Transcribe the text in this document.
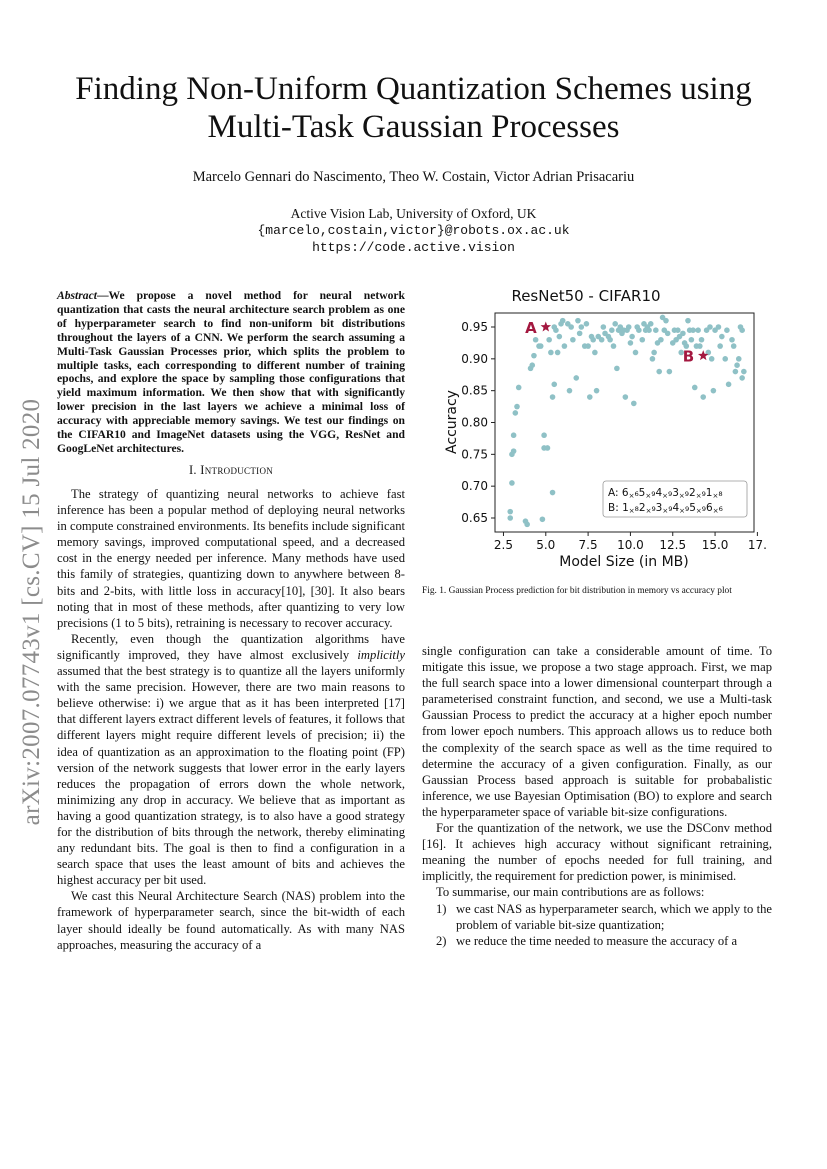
Finding Non-Uniform Quantization Schemes using
Multi-Task Gaussian Processes
Marcelo Gennari do Nascimento, Theo W. Costain, Victor Adrian Prisacariu
Active Vision Lab, University of Oxford, UK
{marcelo,costain,victor}@robots.ox.ac.uk
https://code.active.vision
arXiv:2007.07743v1 [cs.CV] 15 Jul 2020
Abstract—We propose a novel method for neural network quantization that casts the neural architecture search problem as one of hyperparameter search to find non-uniform bit distributions throughout the layers of a CNN. We perform the search assuming a Multi-Task Gaussian Processes prior, which splits the problem to multiple tasks, each corresponding to different number of training epochs, and explore the space by sampling those configurations that yield maximum information. We then show that with significantly lower precision in the last layers we achieve a minimal loss of accuracy with appreciable memory savings. We test our findings on the CIFAR10 and ImageNet datasets using the VGG, ResNet and GoogLeNet architectures.
I. Introduction

The strategy of quantizing neural networks to achieve fast inference has been a popular method of deploying neural networks in compute constrained environments. Its benefits include significant memory savings, improved computational speed, and a decreased cost in the energy needed per inference. Many methods have used this family of strategies, quantizing down to anywhere between 8-bits and 2-bits, with little loss in accuracy[10], [30]. It also bears noting that in most of these methods, after quantizing to very low precisions (1 to 5 bits), retraining is necessary to recover accuracy.

Recently, even though the quantization algorithms have significantly improved, they have almost exclusively implicitly assumed that the best strategy is to quantize all the layers uniformly with the same precision. However, there are two main reasons to believe otherwise: i) we argue that as it has been interpreted [17] that different layers extract different levels of features, it follows that different layers might require different levels of precision; ii) the idea of quantization as an approximation to the floating point (FP) version of the network suggests that lower error in the early layers reduces the propagation of errors down the whole network, minimizing any drop in accuracy. We believe that as important as having a good quantization strategy, is to also have a good strategy for the distribution of bits through the network, thereby eliminating any redundant bits. The goal is then to find a configuration in a search space that uses the least amount of bits and achieves the highest accuracy per bit used.

We cast this Neural Architecture Search (NAS) problem into the framework of hyperparameter search, since the bit-width of each layer should ideally be found automatically. As with many NAS approaches, measuring the accuracy of a

ResNet50 - CIFAR10
2.5 5.0 7.5 10.0 12.5 15.0 17.
0.65
0.70
0.75
0.80
0.85
0.90
0.95 A
B
Model Size (in MB)
Accuracy
A: 6×₆5×₉4×₉3×₉2×₉1×₈
B: 1×₈2×₉3×₉4×₉5×₉6×₆
Fig. 1. Gaussian Process prediction for bit distribution in memory vs accuracy plot

single configuration can take a considerable amount of time. To mitigate this issue, we propose a two stage approach. First, we map the full search space into a lower dimensional counterpart through a parameterised constraint function, and second, we use a Multi-task Gaussian Process to predict the accuracy at a higher epoch number from lower epoch numbers. This approach allows us to reduce both the complexity of the search space as well as the time required to determine the accuracy of a given configuration. Finally, as our Gaussian Process based approach is suitable for probabalistic inference, we use Bayesian Optimisation (BO) to explore and search the hyperparameter space of variable bit-size configurations.

For the quantization of the network, we use the DSConv method [16]. It achieves high accuracy without significant retraining, meaning the number of epochs needed for full training, and implicitly, the requirement for prediction power, is minimised.

To summarise, our main contributions are as follows:

1) we cast NAS as hyperparameter search, which we apply to the problem of variable bit-size quantization;
2) we reduce the time needed to measure the accuracy of a
